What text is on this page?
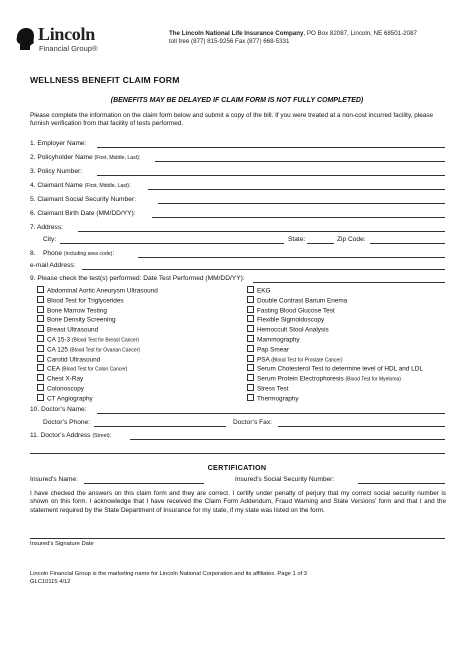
Lincoln
Financial Group®
The Lincoln National Life Insurance Company, PO Box 82087, Lincoln, NE 68501-2087
toll free (877) 815-9256 Fax (877) 668-5331
WELLNESS BENEFIT CLAIM FORM
(BENEFITS MAY BE DELAYED IF CLAIM FORM IS NOT FULLY COMPLETED)
Please complete the information on the claim form below and submit a copy of the bill. If you were treated at a non-cost incurred facility, please furnish verification from that facility of tests performed.
1. Employer Name:
2. Policyholder Name (First, Middle, Last):
3. Policy Number:
4. Claimant Name (First, Middle, Last):
5. Claimant Social Security Number:
6. Claimant Birth Date (MM/DD/YY):
7. Address:
City:	State:	Zip Code:
8. Phone (including area code):
e-mail Address:
9. Please check the test(s) performed: Date Test Performed (MM/DD/YY):
Abdominal Aortic Aneurysm Ultrasound
Blood Test for Triglycerides
Bone Marrow Testing
Bone Density Screening
Breast Ultrasound
CA 15-3 (Blood Test for Breast Cancer)
CA 125 (Blood Test for Ovarian Cancer)
Carotid Ultrasound
CEA (Blood Test for Colon Cancer)
Chest X-Ray
Colonoscopy
CT Angiography
EKG
Double Contrast Barium Enema
Fasting Blood Glucose Test
Flexible Sigmoidoscopy
Hemoccult Stool Analysis
Mammography
Pap Smear
PSA (Blood Test for Prostate Cancer)
Serum Cholesterol Test to determine level of HDL and LDL
Serum Protein Electrophoresis (Blood Test for Myeloma)
Stress Test
Thermography
10. Doctor’s Name:
Doctor’s Phone:	Doctor’s Fax:
11. Doctor’s Address (Street):
CERTIFICATION
Insured’s Name:	Insured’s Social Security Number:
I have checked the answers on this claim form and they are correct. I certify under penalty of perjury that my correct social security number is shown on this form. I acknowledge that I have received the Claim Form Addendum, Fraud Warning and State Versions’ form and that I and the statement required by the State Department of Insurance for my state, if my state was listed on the form.
Insured’s Signature Date
Lincoln Financial Group is the marketing name for Lincoln National Corporation and its affiliates. Page 1 of 3
GLC10115 4/12
